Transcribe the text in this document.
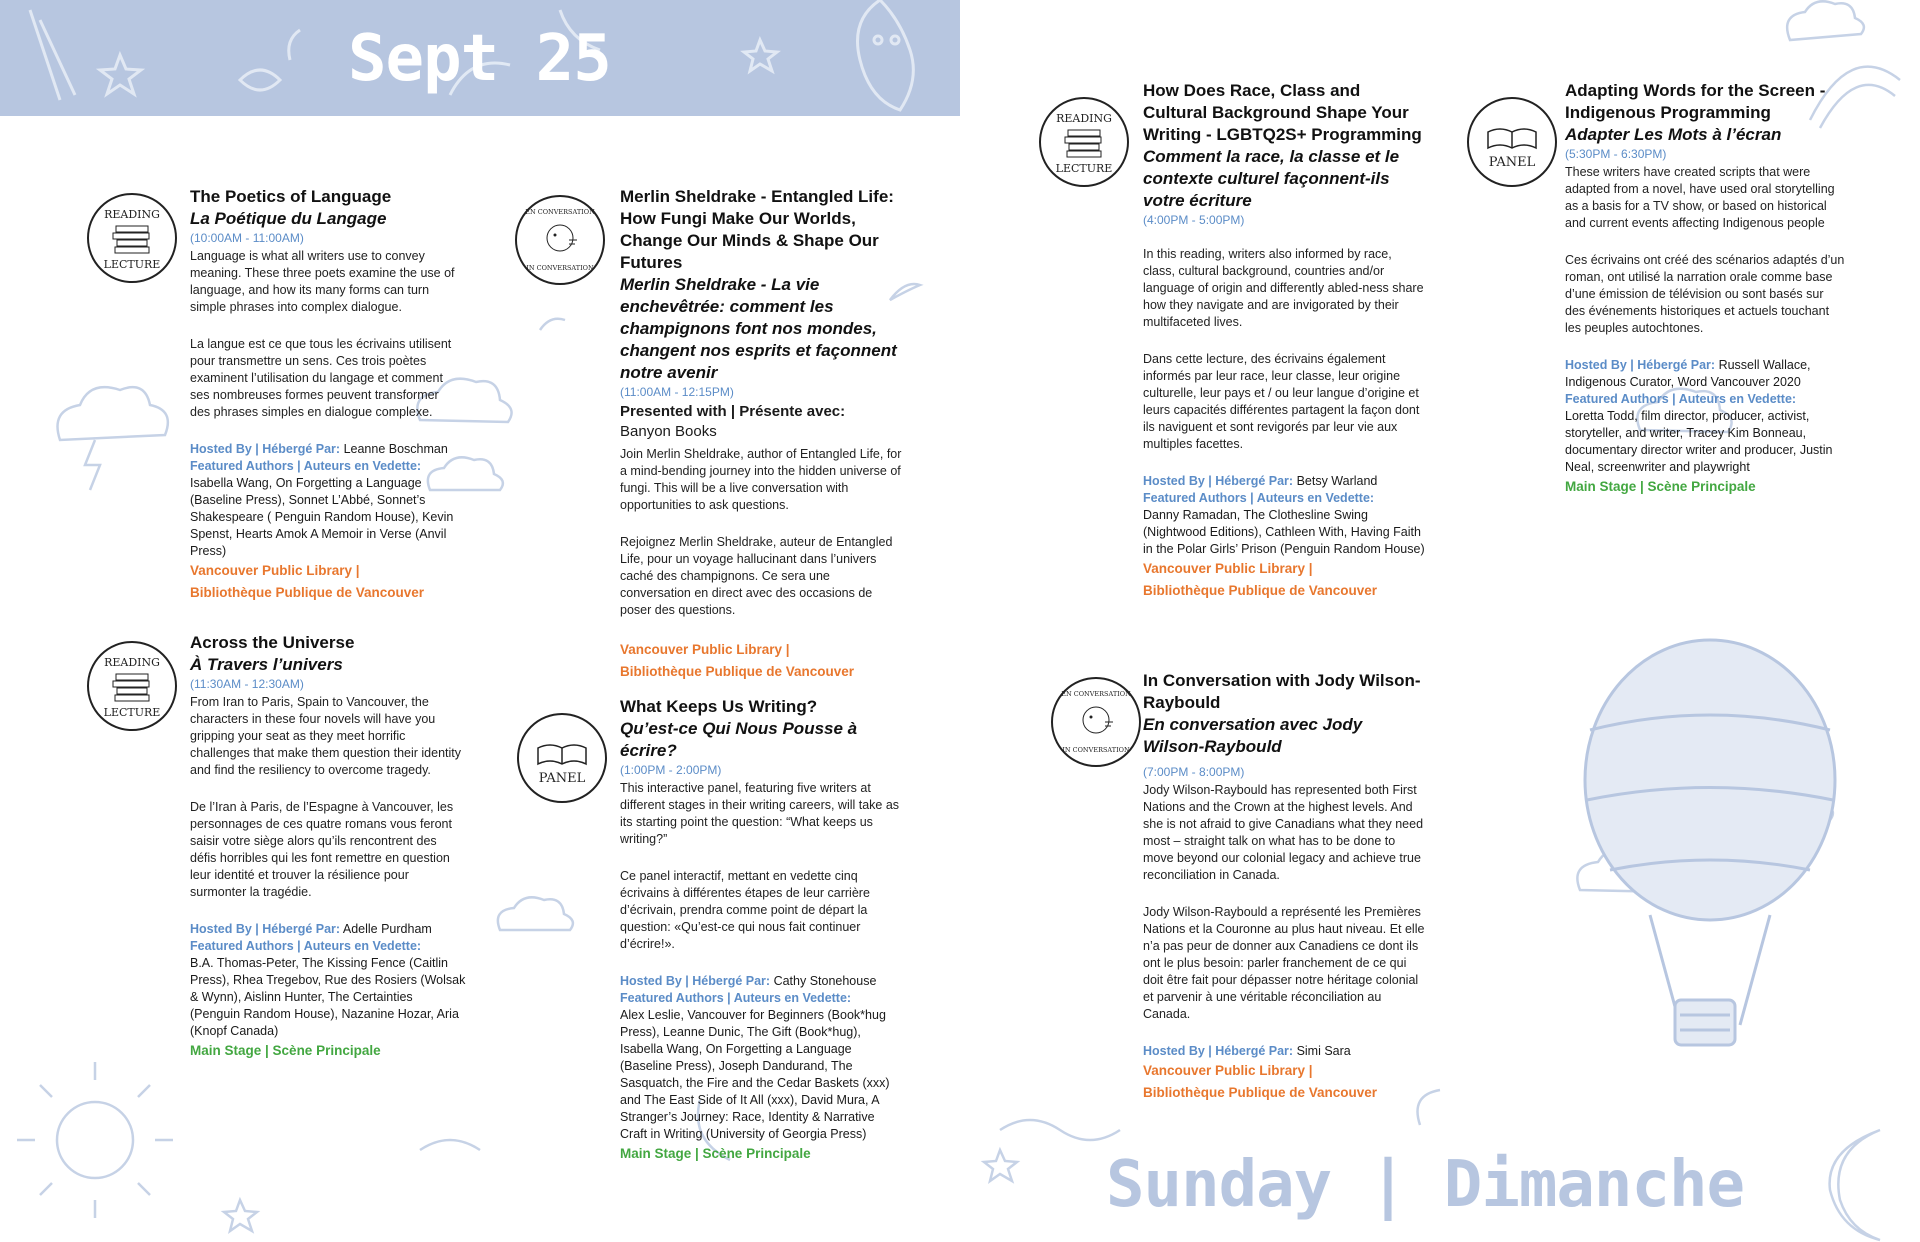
Sept 25
READING
LECTURE
The Poetics of Language
La Poétique du Langage
(10:00AM - 11:00AM)
Language is what all writers use to convey meaning. These three poets examine the use of language, and how its many forms can turn simple phrases into complex dialogue.
La langue est ce que tous les écrivains utilisent pour transmettre un sens. Ces trois poètes examinent l’utilisation du langage et comment ses nombreuses formes peuvent transformer des phrases simples en dialogue complexe.
Hosted By | Hébergé Par: Leanne Boschman
Featured Authors | Auteurs en Vedette:
Isabella Wang, On Forgetting a Language (Baseline Press), Sonnet L’Abbé, Sonnet’s Shakespeare ( Penguin Random House), Kevin Spenst, Hearts Amok A Memoir in Verse (Anvil Press)
Vancouver Public Library |
Bibliothèque Publique de Vancouver
READING
LECTURE
Across the Universe
À Travers l’univers
(11:30AM - 12:30AM)
From Iran to Paris, Spain to Vancouver, the characters in these four novels will have you gripping your seat as they meet horrific challenges that make them question their identity and find the resiliency to overcome tragedy.
De l’Iran à Paris, de l’Espagne à Vancouver, les personnages de ces quatre romans vous feront saisir votre siège alors qu’ils rencontrent des défis horribles qui les font remettre en question leur identité et trouver la résilience pour surmonter la tragédie.
Hosted By | Hébergé Par: Adelle Purdham
Featured Authors | Auteurs en Vedette:
B.A. Thomas-Peter, The Kissing Fence (Caitlin Press), Rhea Tregebov, Rue des Rosiers (Wolsak & Wynn), Aislinn Hunter, The Certainties (Penguin Random House), Nazanine Hozar, Aria (Knopf Canada)
Main Stage | Scène Principale
EN CONVERSATION
IN CONVERSATION
Merlin Sheldrake - Entangled Life: How Fungi Make Our Worlds, Change Our Minds & Shape Our Futures
Merlin Sheldrake - La vie enchevêtrée: comment les champignons font nos mondes, changent nos esprits et façonnent notre avenir
(11:00AM - 12:15PM)
Presented with | Présente avec:
Banyon Books
Join Merlin Sheldrake, author of Entangled Life, for a mind-bending journey into the hidden universe of fungi. This will be a live conversation with opportunities to ask questions.
Rejoignez Merlin Sheldrake, auteur de Entangled Life, pour un voyage hallucinant dans l’univers caché des champignons. Ce sera une conversation en direct avec des occasions de poser des questions.
Vancouver Public Library |
Bibliothèque Publique de Vancouver
PANEL
What Keeps Us Writing?
Qu’est-ce Qui Nous Pousse à écrire?
(1:00PM - 2:00PM)
This interactive panel, featuring five writers at different stages in their writing careers, will take as its starting point the question: “What keeps us writing?”
Ce panel interactif, mettant en vedette cinq écrivains à différentes étapes de leur carrière d’écrivain, prendra comme point de départ la question: «Qu’est-ce qui nous fait continuer d’écrire!».
Hosted By | Hébergé Par: Cathy Stonehouse
Featured Authors | Auteurs en Vedette:
Alex Leslie, Vancouver for Beginners (Book*hug Press), Leanne Dunic, The Gift (Book*hug), Isabella Wang, On Forgetting a Language (Baseline Press), Joseph Dandurand, The Sasquatch, the Fire and the Cedar Baskets (xxx) and The East Side of It All (xxx), David Mura, A Stranger’s Journey: Race, Identity & Narrative Craft in Writing (University of Georgia Press)
Main Stage | Scène Principale
READING
LECTURE
How Does Race, Class and Cultural Background Shape Your Writing - LGBTQ2S+ Programming
Comment la race, la classe et le contexte culturel façonnent-ils votre écriture
(4:00PM - 5:00PM)
In this reading, writers also informed by race, class, cultural background, countries and/or language of origin and differently abled-ness share how they navigate and are invigorated by their multifaceted lives.
Dans cette lecture, des écrivains également informés par leur race, leur classe, leur origine culturelle, leur pays et / ou leur langue d’origine et leurs capacités différentes partagent la façon dont ils naviguent et sont revigorés par leur vie aux multiples facettes.
Hosted By | Hébergé Par: Betsy Warland
Featured Authors | Auteurs en Vedette:
Danny Ramadan, The Clothesline Swing (Nightwood Editions), Cathleen With, Having Faith in the Polar Girls’ Prison (Penguin Random House)
Vancouver Public Library |
Bibliothèque Publique de Vancouver
EN CONVERSATION
IN CONVERSATION
In Conversation with Jody Wilson-Raybould
En conversation avec Jody Wilson-Raybould
(7:00PM - 8:00PM)
Jody Wilson-Raybould has represented both First Nations and the Crown at the highest levels. And she is not afraid to give Canadians what they need most – straight talk on what has to be done to move beyond our colonial legacy and achieve true reconciliation in Canada.
Jody Wilson-Raybould a représenté les Premières Nations et la Couronne au plus haut niveau. Et elle n’a pas peur de donner aux Canadiens ce dont ils ont le plus besoin: parler franchement de ce qui doit être fait pour dépasser notre héritage colonial et parvenir à une véritable réconciliation au Canada.
Hosted By | Hébergé Par: Simi Sara
Vancouver Public Library |
Bibliothèque Publique de Vancouver
PANEL
Adapting Words for the Screen - Indigenous Programming
Adapter Les Mots à l’écran
(5:30PM - 6:30PM)
These writers have created scripts that were adapted from a novel, have used oral storytelling as a basis for a TV show, or based on historical and current events affecting Indigenous people
Ces écrivains ont créé des scénarios adaptés d’un roman, ont utilisé la narration orale comme base d’une émission de télévision ou sont basés sur des événements historiques et actuels touchant les peuples autochtones.
Hosted By | Hébergé Par: Russell Wallace, Indigenous Curator, Word Vancouver 2020
Featured Authors | Auteurs en Vedette:
Loretta Todd, film director, producer, activist, storyteller, and writer, Tracey Kim Bonneau, documentary director writer and producer, Justin Neal, screenwriter and playwright
Main Stage | Scène Principale
Sunday | Dimanche
